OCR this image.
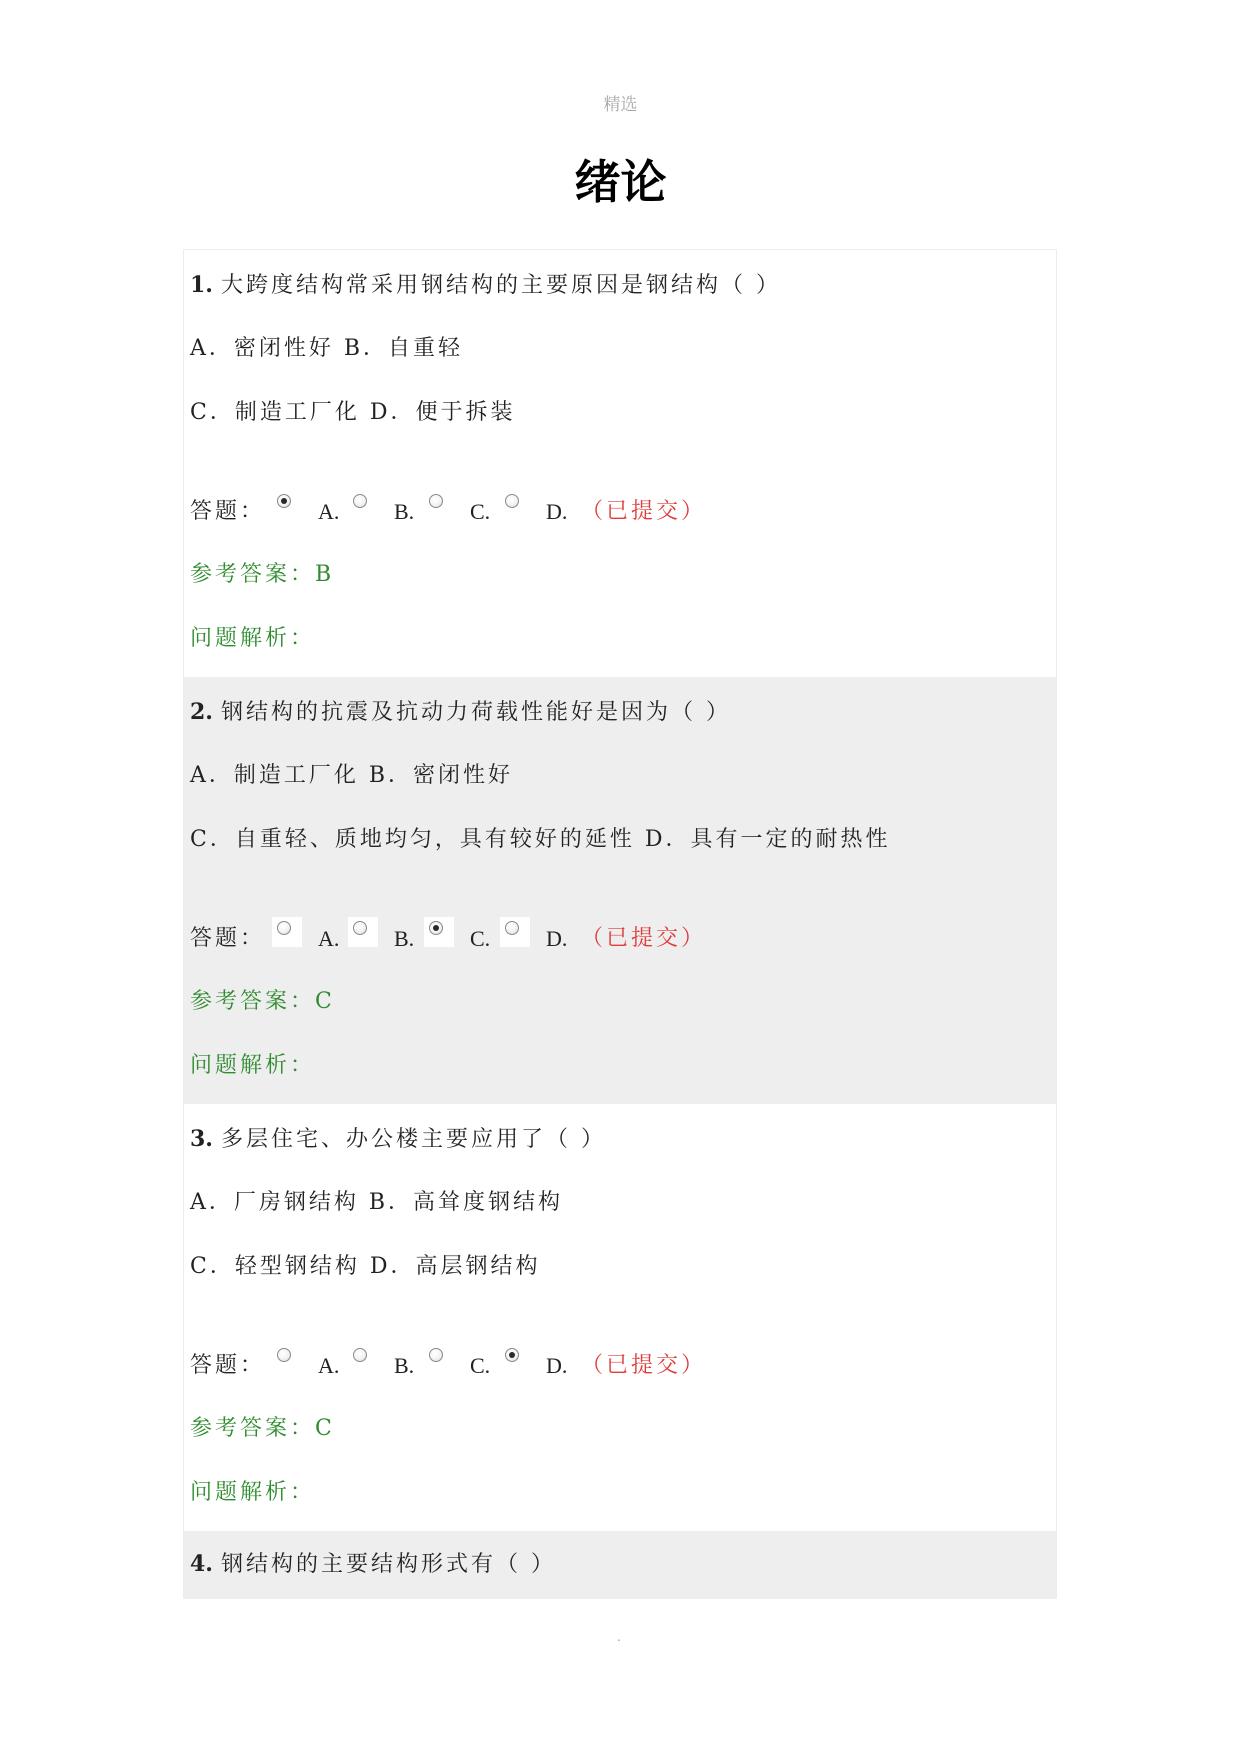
精选
绪论
1. 大跨度结构常采用钢结构的主要原因是钢结构（ ）
A．密闭性好 B．自重轻
C．制造工厂化 D．便于拆装
答题： A. B.	C.	D. （已提交）
参考答案：B
问题解析：
2. 钢结构的抗震及抗动力荷载性能好是因为（ ）
A．制造工厂化 B．密闭性好
C．自重轻、质地均匀，具有较好的延性 D．具有一定的耐热性
答题： A. B.	C.	D. （已提交）
参考答案：C
问题解析：
3. 多层住宅、办公楼主要应用了（ ）
A．厂房钢结构 B．高耸度钢结构
C．轻型钢结构 D．高层钢结构
答题： A. B.	C.	D. （已提交）
参考答案：C
问题解析：
4. 钢结构的主要结构形式有（ ）
.
